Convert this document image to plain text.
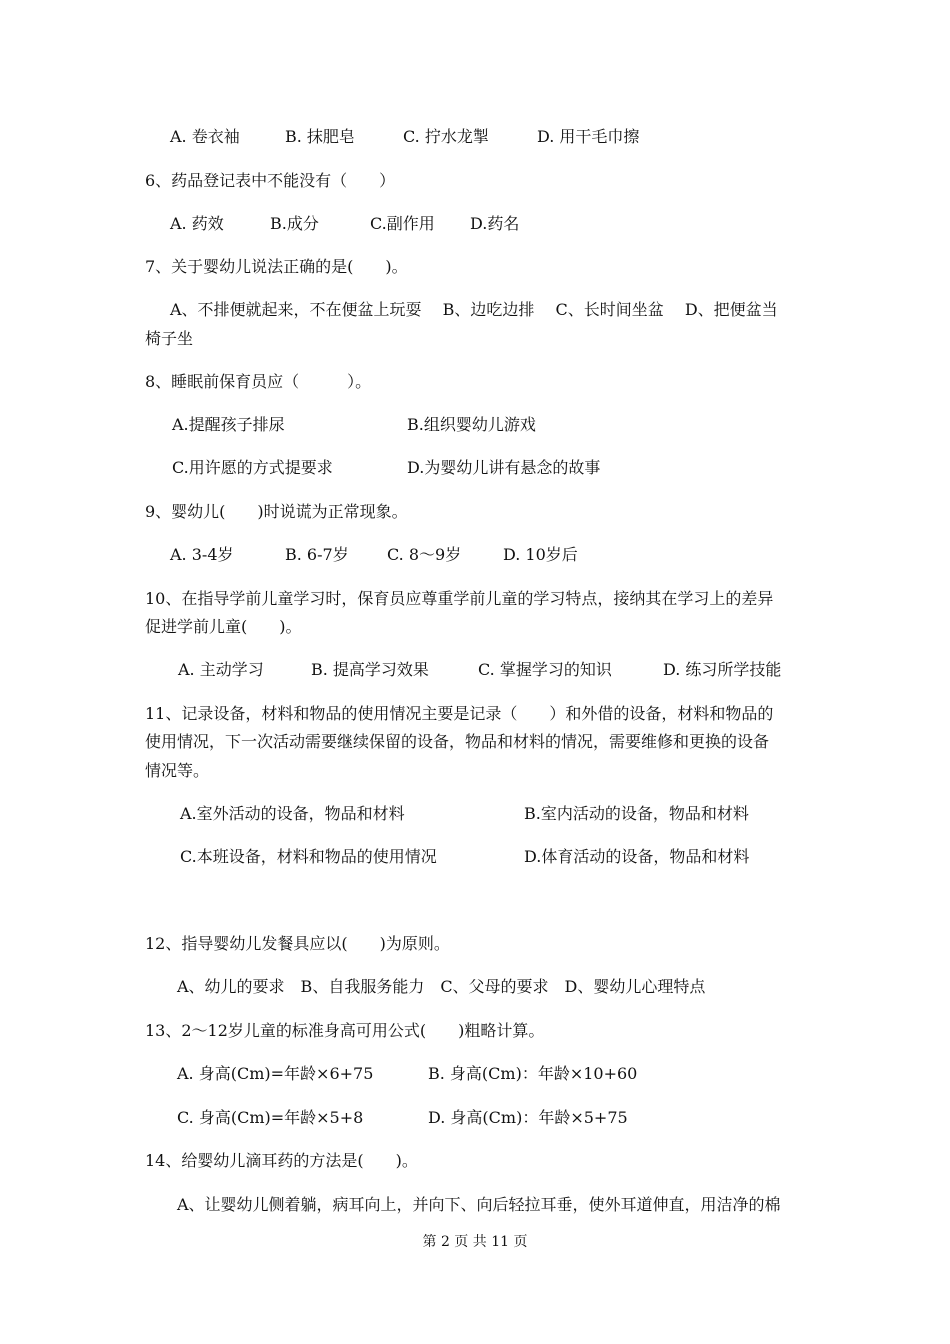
A. 卷衣袖	B. 抹肥皂	C. 拧水龙掣	D. 用干毛巾擦
6、药品登记表中不能没有（　　）
A. 药效	B.成分	C.副作用 D.药名
7、关于婴幼儿说法正确的是(　　)。
A、不排便就起来，不在便盆上玩耍　 B、边吃边排　 C、长时间坐盆　 D、把便盆当
椅子坐
8、睡眠前保育员应（　　　）。
A.提醒孩子排尿	B.组织婴幼儿游戏
C.用许愿的方式提要求	D.为婴幼儿讲有悬念的故事
9、婴幼儿(　　)时说谎为正常现象。
A. 3-4岁	B. 6-7岁 C. 8～9岁	D. 10岁后
10、在指导学前儿童学习时，保育员应尊重学前儿童的学习特点，接纳其在学习上的差异
促进学前儿童(　　)。
A. 主动学习	B. 提高学习效果	C. 掌握学习的知识	D. 练习所学技能
11、记录设备，材料和物品的使用情况主要是记录（　　）和外借的设备，材料和物品的
使用情况，下一次活动需要继续保留的设备，物品和材料的情况，需要维修和更换的设备
情况等。
A.室外活动的设备，物品和材料	B.室内活动的设备，物品和材料
C.本班设备，材料和物品的使用情况	D.体育活动的设备，物品和材料
12、指导婴幼儿发餐具应以(　　)为原则。
A、幼儿的要求　B、自我服务能力　C、父母的要求　D、婴幼儿心理特点
13、2～12岁儿童的标准身高可用公式(　　)粗略计算。
A. 身高(Cm)=年龄×6+75	B. 身高(Cm)：年龄×10+60
C. 身高(Cm)=年龄×5+8	D. 身高(Cm)：年龄×5+75
14、给婴幼儿滴耳药的方法是(　　)。
A、让婴幼儿侧着躺，病耳向上，并向下、向后轻拉耳垂，使外耳道伸直，用洁净的棉
第 2 页 共 11 页
